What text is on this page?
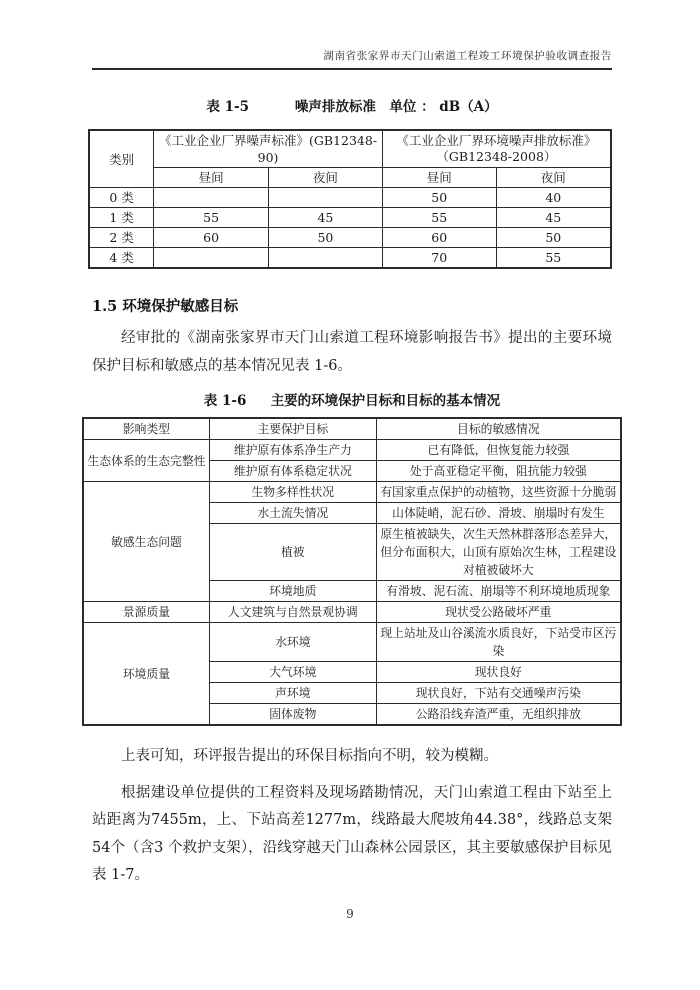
湖南省张家界市天门山索道工程竣工环境保护验收调查报告
表 1-5	噪声排放标准　单位 ： dB（A）
类别	《工业企业厂界噪声标准》(GB12348-90)		《工业企业厂界环境噪声排放标准》
（GB12348-2008）	

	昼间	夜间	昼间	夜间
0 类			50	40
1 类	55	45	55	45
2 类	60	50	60	50
4 类			70	55
1.5 环境保护敏感目标

经审批的《湖南张家界市天门山索道工程环境影响报告书》提出的主要环境保护目标和敏感点的基本情况见表 1-6。

表 1-6 主要的环境保护目标和目标的基本情况
影响类型	主要保护目标	目标的敏感情况
生态体系的生态完整性	维护原有体系净生产力	已有降低，但恢复能力较强
	维护原有体系稳定状况	处于高亚稳定平衡，阻抗能力较强
敏感生态问题	生物多样性状况	有国家重点保护的动植物，这些资源十分脆弱
	水土流失情况	山体陡峭，泥石砂、滑坡、崩塌时有发生
	植被	原生植被缺失，次生天然林群落形态差异大，但分布面积大，山顶有原始次生林，工程建设对植被破坏大
	环境地质	有滑坡、泥石流、崩塌等不利环境地质现象
景源质量	人文建筑与自然景观协调	现状受公路破坏严重
环境质量	水环境	现上站址及山谷溪流水质良好，下站受市区污染
	大气环境	现状良好
	声环境	现状良好，下站有交通噪声污染
	固体废物	公路沿线弃渣严重，无组织排放

上表可知，环评报告提出的环保目标指向不明，较为模糊。

根据建设单位提供的工程资料及现场踏勘情况，天门山索道工程由下站至上站距离为7455m，上、下站高差1277m，线路最大爬坡角44.38°，线路总支架54个（含3 个救护支架），沿线穿越天门山森林公园景区，其主要敏感保护目标见表 1-7。

9
